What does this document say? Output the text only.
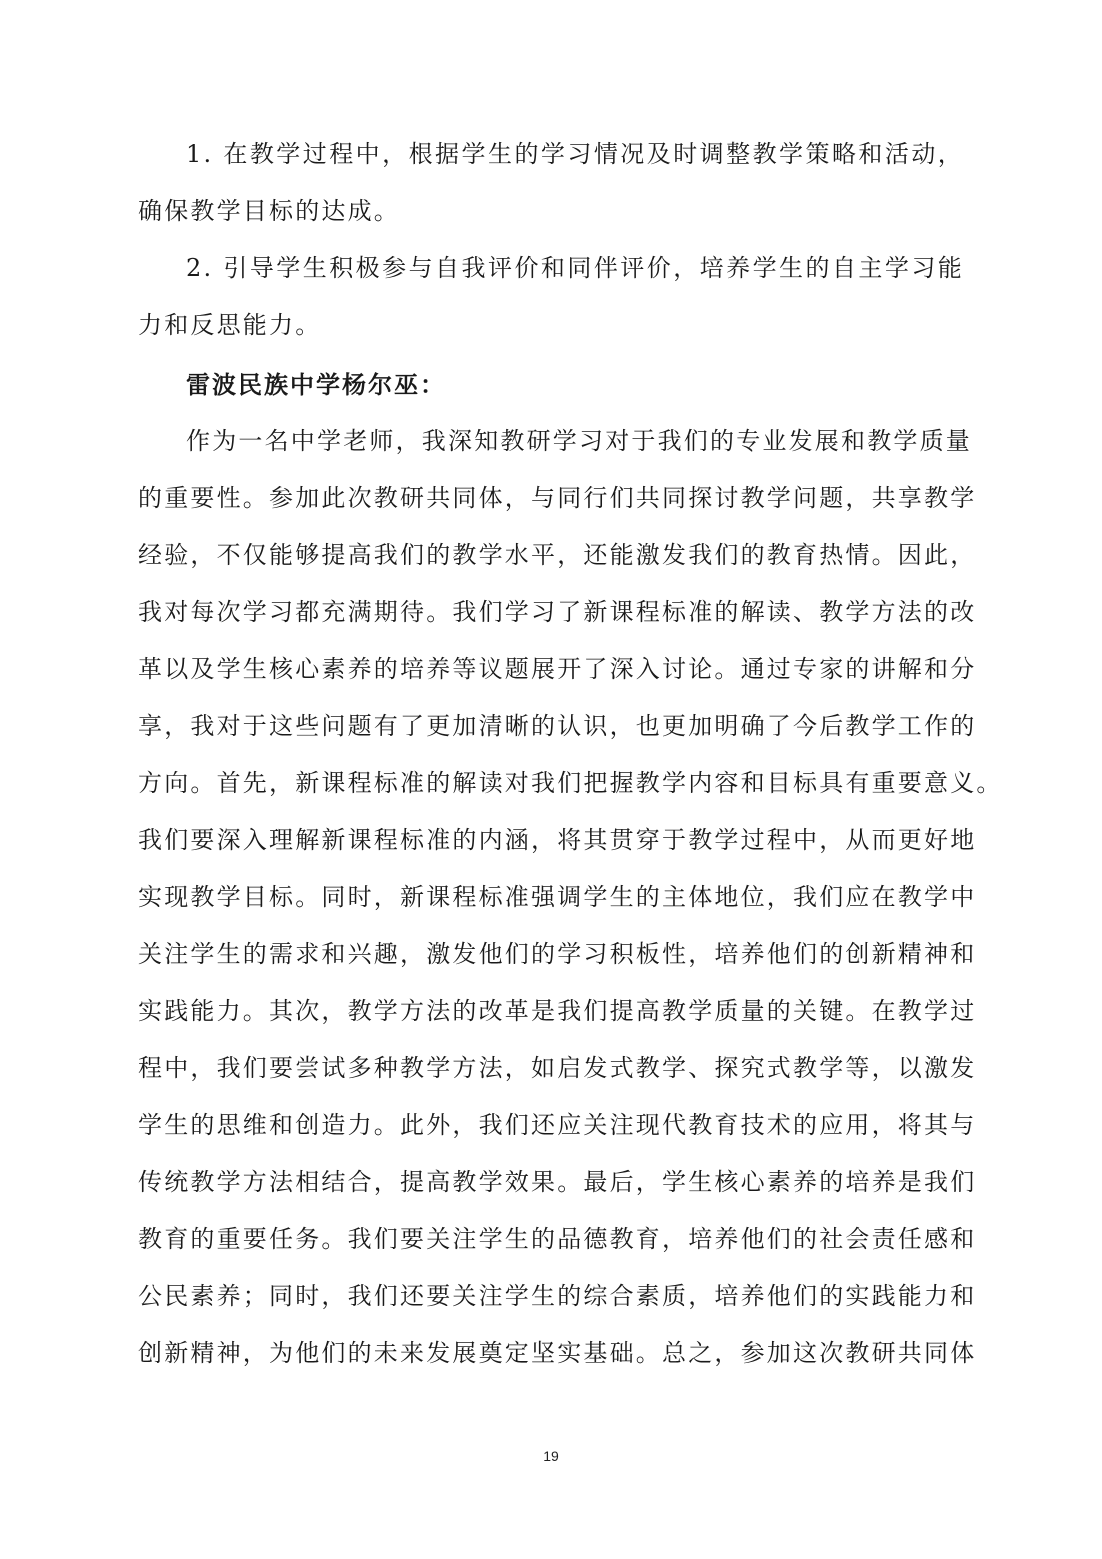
1. 在教学过程中，根据学生的学习情况及时调整教学策略和活动，
确保教学目标的达成。
2. 引导学生积极参与自我评价和同伴评价，培养学生的自主学习能
力和反思能力。
雷波民族中学杨尔巫：
作为一名中学老师，我深知教研学习对于我们的专业发展和教学质量
的重要性。参加此次教研共同体，与同行们共同探讨教学问题，共享教学
经验，不仅能够提高我们的教学水平，还能激发我们的教育热情。因此，
我对每次学习都充满期待。我们学习了新课程标准的解读、教学方法的改
革以及学生核心素养的培养等议题展开了深入讨论。通过专家的讲解和分
享，我对于这些问题有了更加清晰的认识，也更加明确了今后教学工作的
方向。首先，新课程标准的解读对我们把握教学内容和目标具有重要意义。
我们要深入理解新课程标准的内涵，将其贯穿于教学过程中，从而更好地
实现教学目标。同时，新课程标准强调学生的主体地位，我们应在教学中
关注学生的需求和兴趣，激发他们的学习积板性，培养他们的创新精神和
实践能力。其次，教学方法的改革是我们提高教学质量的关键。在教学过
程中，我们要尝试多种教学方法，如启发式教学、探究式教学等，以激发
学生的思维和创造力。此外，我们还应关注现代教育技术的应用，将其与
传统教学方法相结合，提高教学效果。最后，学生核心素养的培养是我们
教育的重要任务。我们要关注学生的品德教育，培养他们的社会责任感和
公民素养；同时，我们还要关注学生的综合素质，培养他们的实践能力和
创新精神，为他们的未来发展奠定坚实基础。总之，参加这次教研共同体
19
